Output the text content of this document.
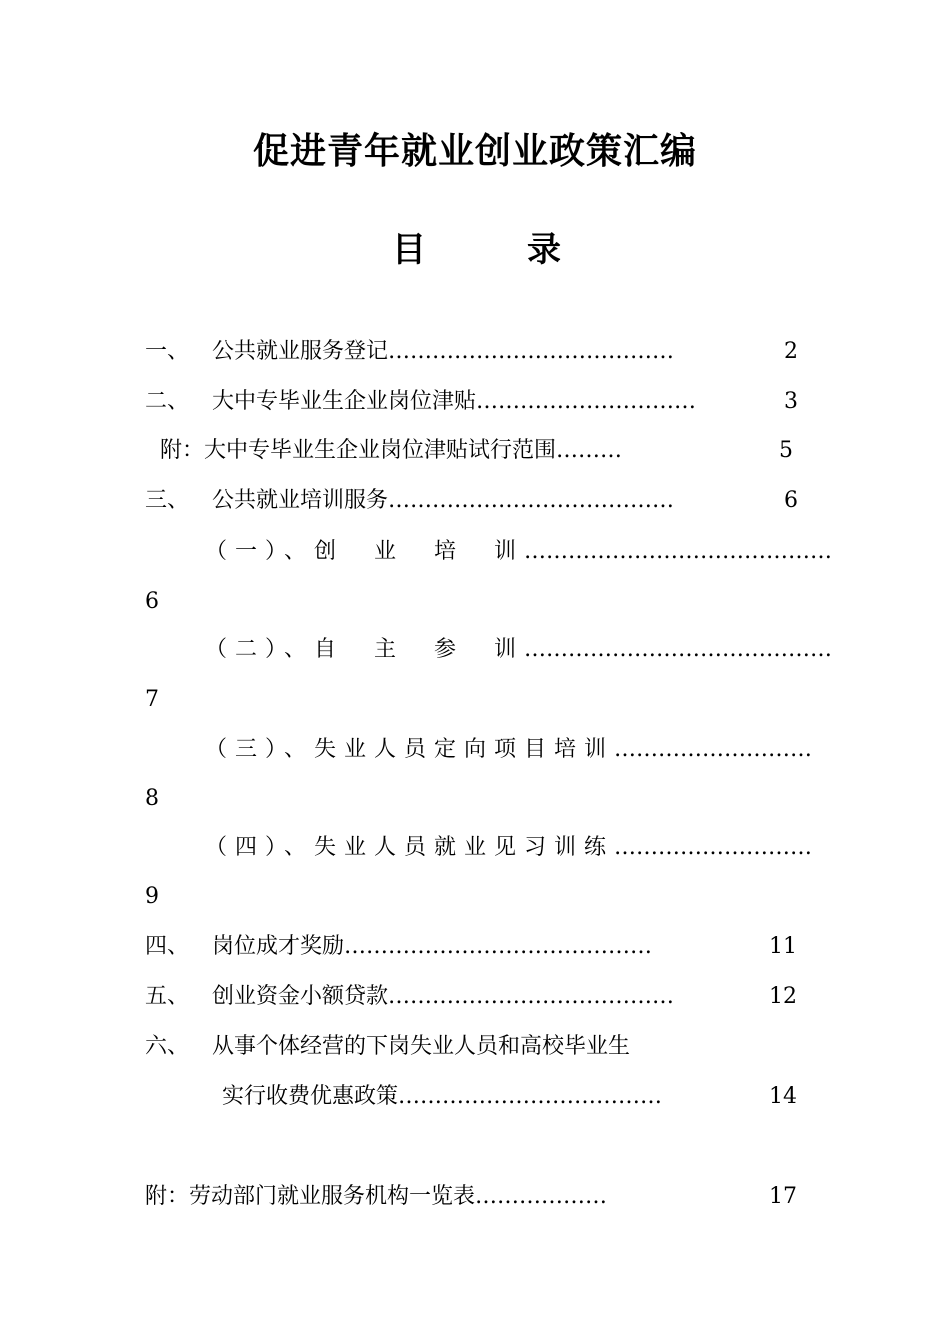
促进青年就业创业政策汇编
目	录
一、 公共就业服务登记…………………………………	2
二、 大中专毕业生企业岗位津贴…………………………	3
附：大中专毕业生企业岗位津贴试行范围………	5
三、 公共就业培训服务…………………………………	6
（一）、创　业　培　训……………………………………
6
（二）、自　主　参　训……………………………………
7
（三）、失业人员定向项目培训………………………
8
（四）、失业人员就业见习训练………………………
9
四、 岗位成才奖励……………………………………	11
五、 创业资金小额贷款…………………………………	12
六、 从事个体经营的下岗失业人员和高校毕业生
实行收费优惠政策………………………………	14
附：劳动部门就业服务机构一览表………………	17
